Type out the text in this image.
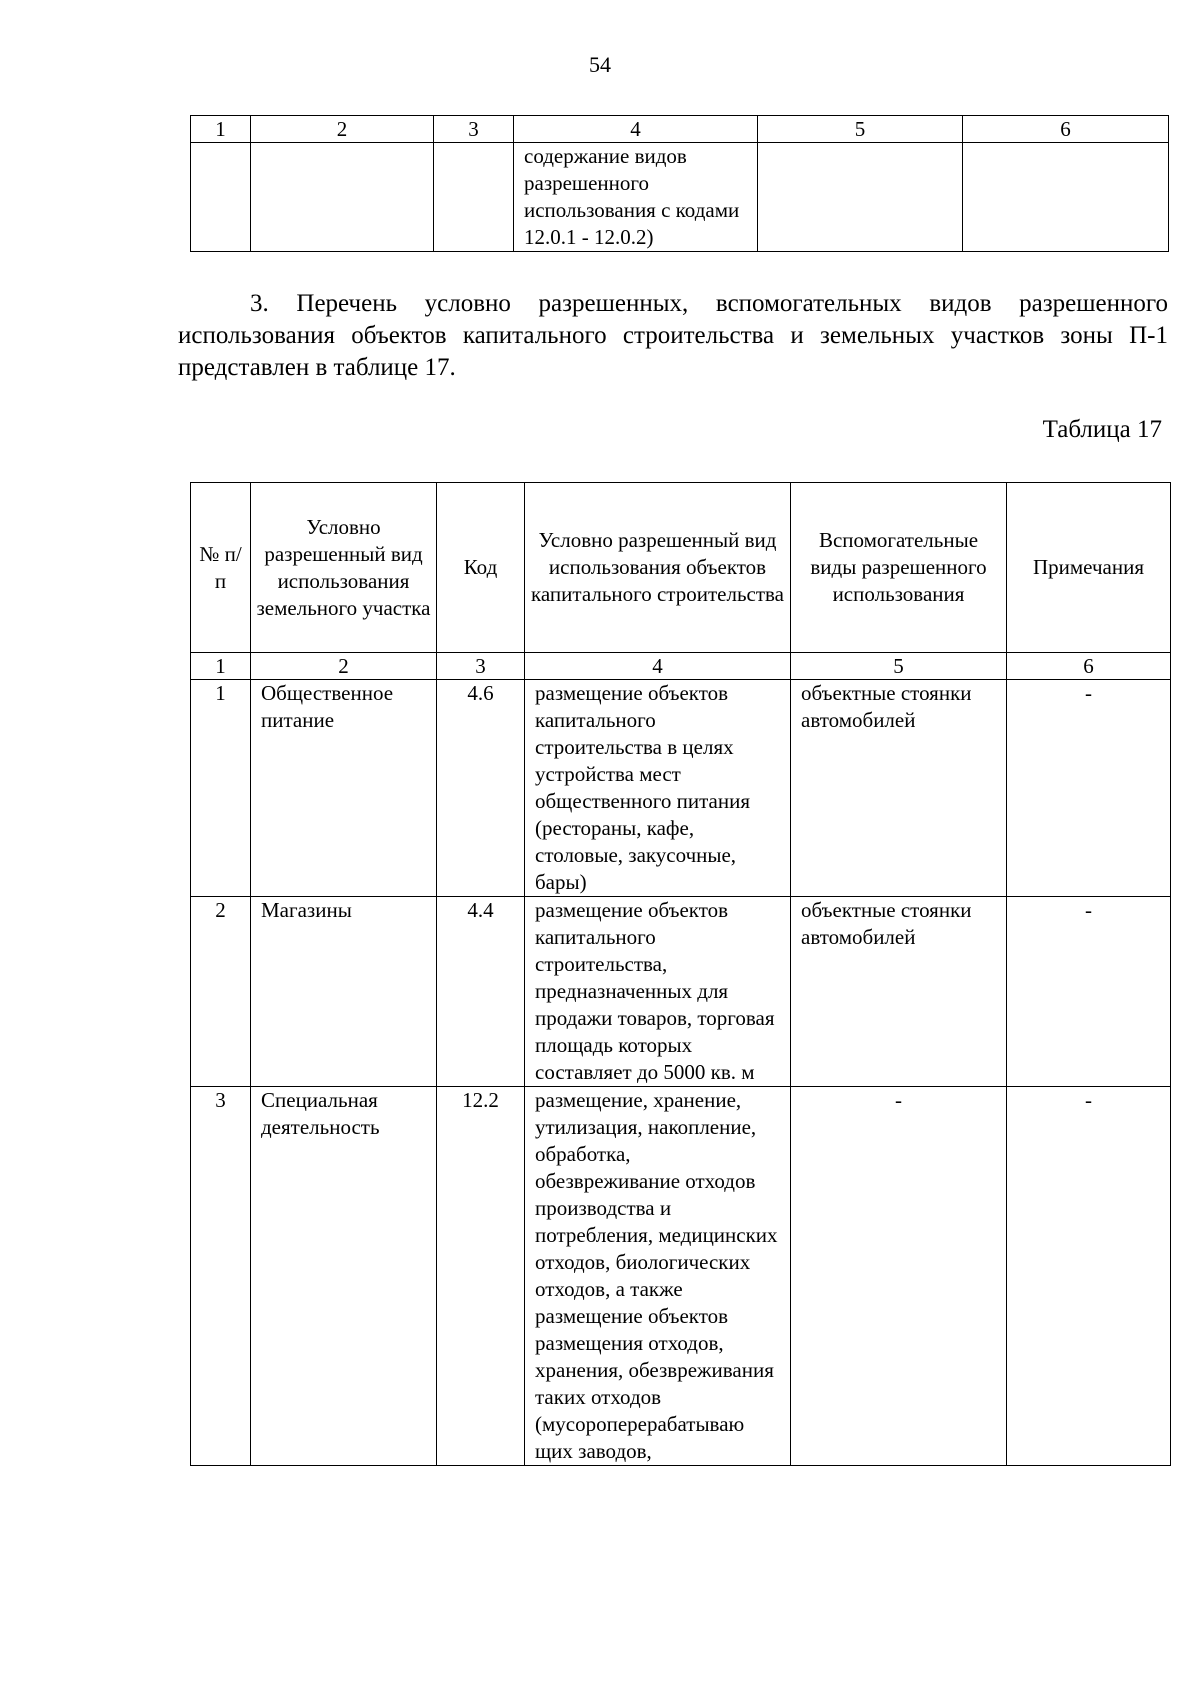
54
1	2	3	4	5	6
			содержание видов разрешенного использования с кодами 12.0.1 - 12.0.2)		

3. Перечень условно разрешенных, вспомогательных видов разрешенного использования объектов капитального строительства и земельных участков зоны П-1 представлен в таблице 17.

Таблица 17
№ п/п	Условно разрешенный вид использования земельного участка	Код	Условно разрешенный вид использования объектов капитального строительства	Вспомогательные виды разрешенного использования	Примечания
1	2	3	4	5	6
1	Общественное питание	4.6	размещение объектов капитального строительства в целях устройства мест общественного питания (рестораны, кафе, столовые, закусочные, бары)	объектные стоянки автомобилей	-
2	Магазины	4.4	размещение объектов капитального строительства, предназначенных для продажи товаров, торговая площадь которых составляет до 5000 кв. м	объектные стоянки автомобилей	-
3	Специальная деятельность	12.2	размещение, хранение, утилизация, накопление, обработка, обезвреживание отходов производства и потребления, медицинских отходов, биологических отходов, а также размещение объектов размещения отходов, хранения, обезвреживания таких отходов (мусороперерабатываю щих заводов,	-	-
